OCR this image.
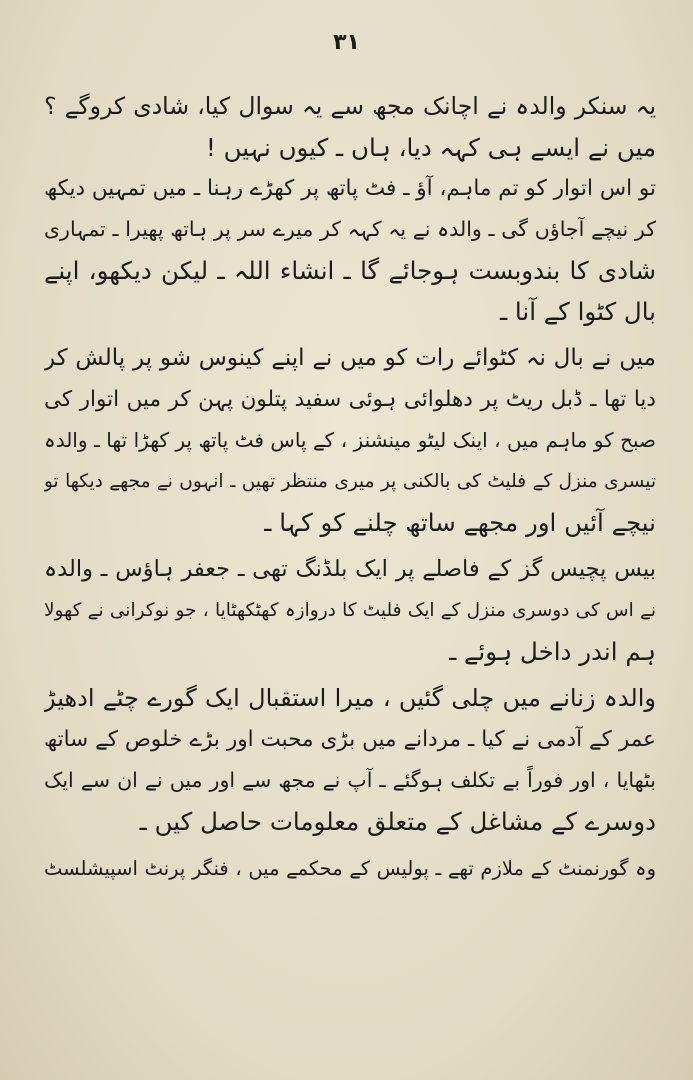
۳۱
یہ سنکر والدہ نے اچانک مجھ سے یہ سوال کیا، شادی کروگے ؟
میں نے ایسے ہی کہہ دیا، ہاں ـ کیوں نہیں !
تو اس اتوار کو تم ماہم، آؤ ـ فٹ پاتھ پر کھڑے رہنا ـ میں تمہیں دیکھ
کر نیچے آجاؤں گی ـ والدہ نے یہ کہہ کر میرے سر پر ہاتھ پھیرا ـ تمہاری
شادی کا بندوبست ہوجائے گا ـ انشاء اللہ ـ لیکن دیکھو، اپنے
بال کٹوا کے آنا ـ
میں نے بال نہ کٹوائے رات کو میں نے اپنے کینوس شو پر پالش کر
دیا تھا ـ ڈبل ریٹ پر دھلوائی ہوئی سفید پتلون پہن کر میں اتوار کی
صبح کو ماہم میں ، اینک لیٹو مینشنز ، کے پاس فٹ پاتھ پر کھڑا تھا ـ والدہ
تیسری منزل کے فلیٹ کی بالکنی پر میری منتظر تھیں ـ انہوں نے مجھے دیکھا تو
نیچے آئیں اور مجھے ساتھ چلنے کو کہا ـ
بیس پچیس گز کے فاصلے پر ایک بلڈنگ تھی ـ جعفر ہاؤس ـ والدہ
نے اس کی دوسری منزل کے ایک فلیٹ کا دروازہ کھٹکھٹایا ، جو نوکرانی نے کھولا
ہم اندر داخل ہوئے ـ
والدہ زنانے میں چلی گئیں ، میرا استقبال ایک گورے چٹے ادھیڑ
عمر کے آدمی نے کیا ـ مردانے میں بڑی محبت اور بڑے خلوص کے ساتھ
بٹھایا ، اور فوراً بے تکلف ہوگئے ـ آپ نے مجھ سے اور میں نے ان سے ایک
دوسرے کے مشاغل کے متعلق معلومات حاصل کیں ـ
وہ گورنمنٹ کے ملازم تھے ـ پولیس کے محکمے میں ، فنگر پرنٹ اسپیشلسٹ
